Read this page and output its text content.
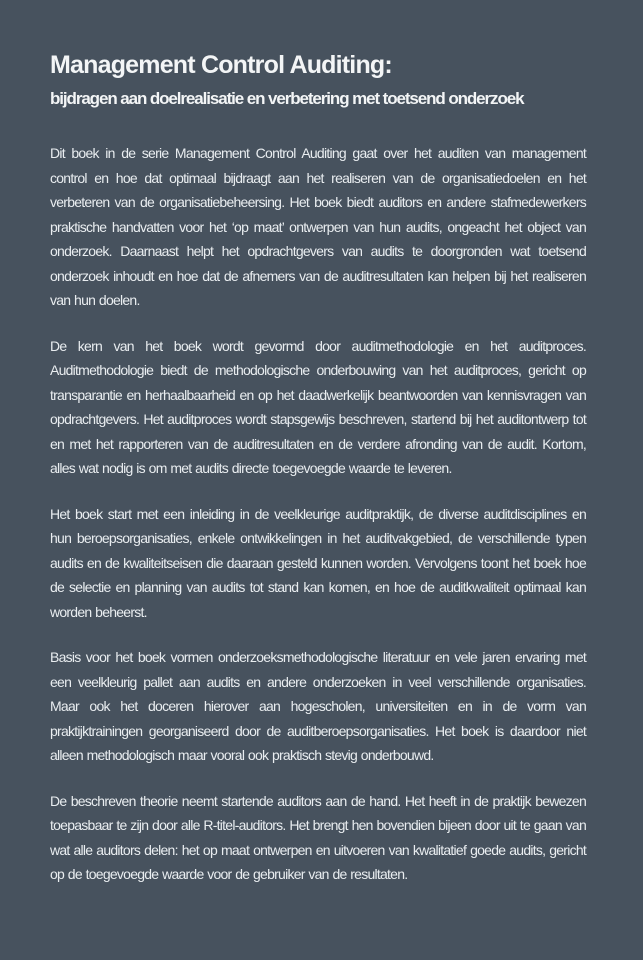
Management Control Auditing:
bijdragen aan doelrealisatie en verbetering met toetsend onderzoek

Dit boek in de serie Management Control Auditing gaat over het auditen van management control en hoe dat optimaal bijdraagt aan het realiseren van de organisatiedoelen en het verbeteren van de organisatiebeheersing. Het boek biedt auditors en andere stafmedewerkers praktische handvatten voor het ‘op maat’ ontwerpen van hun audits, ongeacht het object van onderzoek. Daarnaast helpt het opdrachtgevers van audits te doorgronden wat toetsend onderzoek inhoudt en hoe dat de afnemers van de auditresultaten kan helpen bij het realiseren van hun doelen.

De kern van het boek wordt gevormd door auditmethodologie en het auditproces. Auditmethodologie biedt de methodologische onderbouwing van het auditproces, gericht op transparantie en herhaalbaarheid en op het daadwerkelijk beantwoorden van kennisvragen van opdrachtgevers. Het auditproces wordt stapsgewijs beschreven, startend bij het auditontwerp tot en met het rapporteren van de auditresultaten en de verdere afronding van de audit. Kortom, alles wat nodig is om met audits directe toegevoegde waarde te leveren.

Het boek start met een inleiding in de veelkleurige auditpraktijk, de diverse auditdisciplines en hun beroepsorganisaties, enkele ontwikkelingen in het auditvakgebied, de verschillende typen audits en de kwaliteitseisen die daaraan gesteld kunnen worden. Vervolgens toont het boek hoe de selectie en planning van audits tot stand kan komen, en hoe de auditkwaliteit optimaal kan worden beheerst.

Basis voor het boek vormen onderzoeksmethodologische literatuur en vele jaren ervaring met een veelkleurig pallet aan audits en andere onderzoeken in veel verschillende organisaties. Maar ook het doceren hierover aan hogescholen, universiteiten en in de vorm van praktijktrainingen georganiseerd door de auditberoepsorganisaties. Het boek is daardoor niet alleen methodologisch maar vooral ook praktisch stevig onderbouwd.

De beschreven theorie neemt startende auditors aan de hand. Het heeft in de praktijk bewezen toepasbaar te zijn door alle R-titel-auditors. Het brengt hen bovendien bijeen door uit te gaan van wat alle auditors delen: het op maat ontwerpen en uitvoeren van kwalitatief goede audits, gericht op de toegevoegde waarde voor de gebruiker van de resultaten.
